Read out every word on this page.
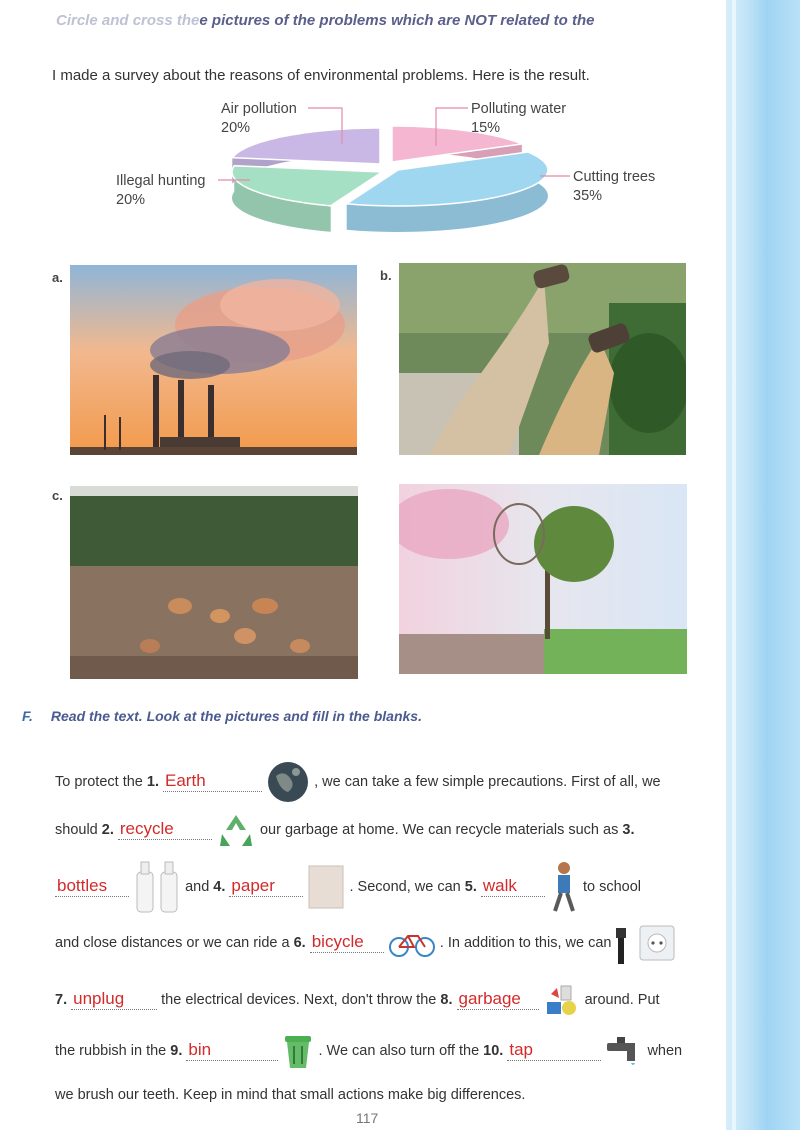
Circle and cross thee pictures of the problems which are NOT related to the
I made a survey about the reasons of environmental problems. Here is the result.
Air pollution
20%
Polluting water
15%
Cutting trees
35%
Illegal hunting
20%
a.	b.
c.
F. Read the text. Look at the pictures and fill in the blanks.
To protect the 1. Earth	, we can take a few simple precautions. First of all, we
should 2. recycle	our garbage at home. We can recycle materials such as 3.
bottles	and 4. paper	. Second, we can 5. walk	to school
and close distances or we can ride a 6. bicycle	. In addition to this, we can
7. unplug	the electrical devices. Next, don't throw the 8. garbage	around. Put
the rubbish in the 9. bin	. We can also turn off the 10. tap	when
we brush our teeth. Keep in mind that small actions make big differences.
117
